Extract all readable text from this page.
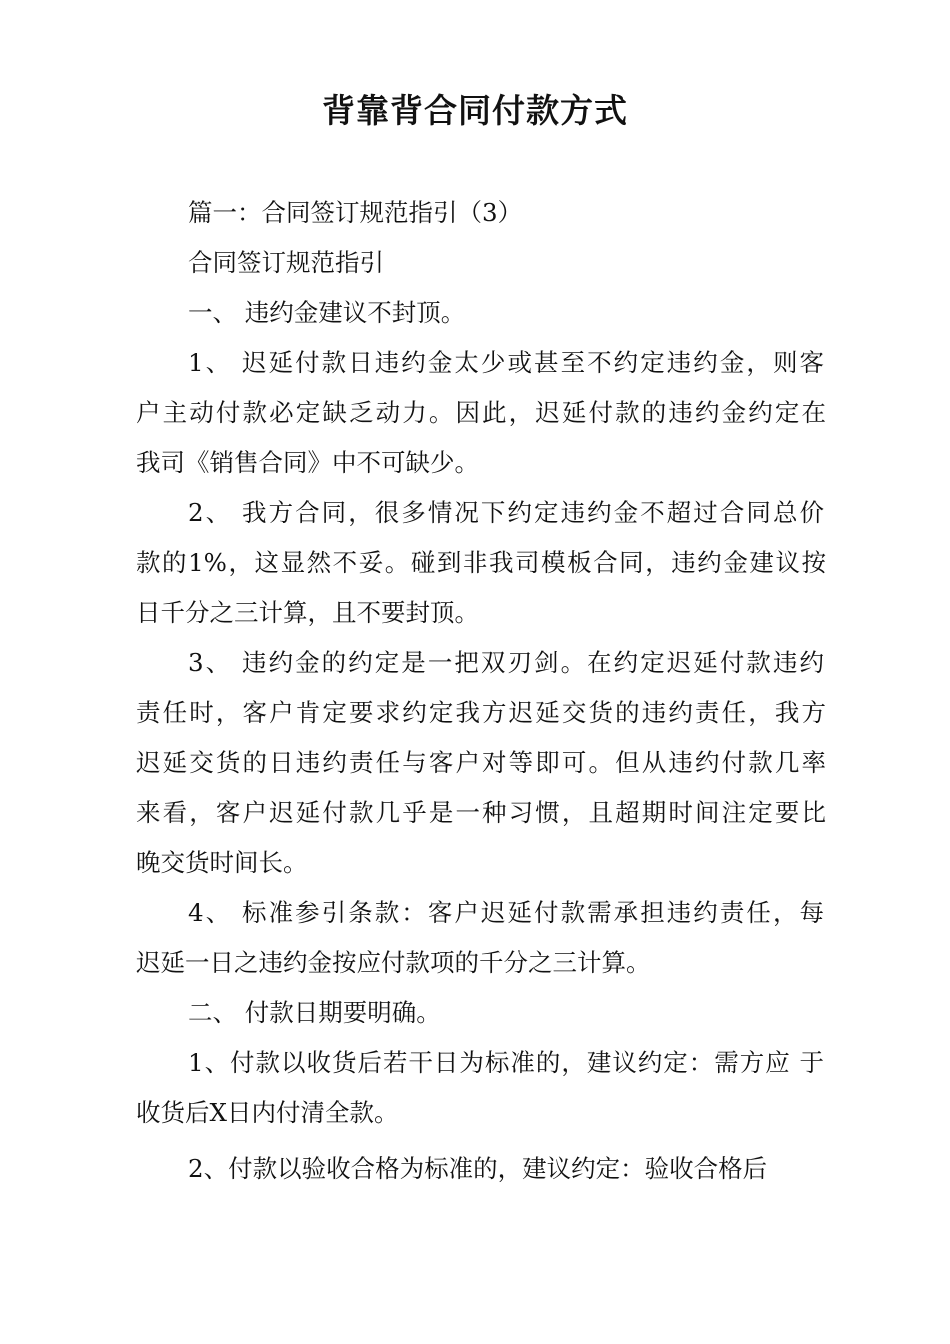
背靠背合同付款方式
篇一：合同签订规范指引（3）
合同签订规范指引
一、 违约金建议不封顶。
1、 迟延付款日违约金太少或甚至不约定违约金，则客
户主动付款必定缺乏动力。因此，迟延付款的违约金约定在
我司《销售合同》中不可缺少。
2、 我方合同，很多情况下约定违约金不超过合同总价
款的1%，这显然不妥。碰到非我司模板合同，违约金建议按
日千分之三计算，且不要封顶。
3、 违约金的约定是一把双刃剑。在约定迟延付款违约
责任时，客户肯定要求约定我方迟延交货的违约责任，我方
迟延交货的日违约责任与客户对等即可。但从违约付款几率
来看，客户迟延付款几乎是一种习惯，且超期时间注定要比
晚交货时间长。
4、 标准参引条款：客户迟延付款需承担违约责任，每
迟延一日之违约金按应付款项的千分之三计算。
二、 付款日期要明确。
1、付款以收货后若干日为标准的，建议约定：需方应 于
收货后X日内付清全款。
2、付款以验收合格为标准的，建议约定：验收合格后
